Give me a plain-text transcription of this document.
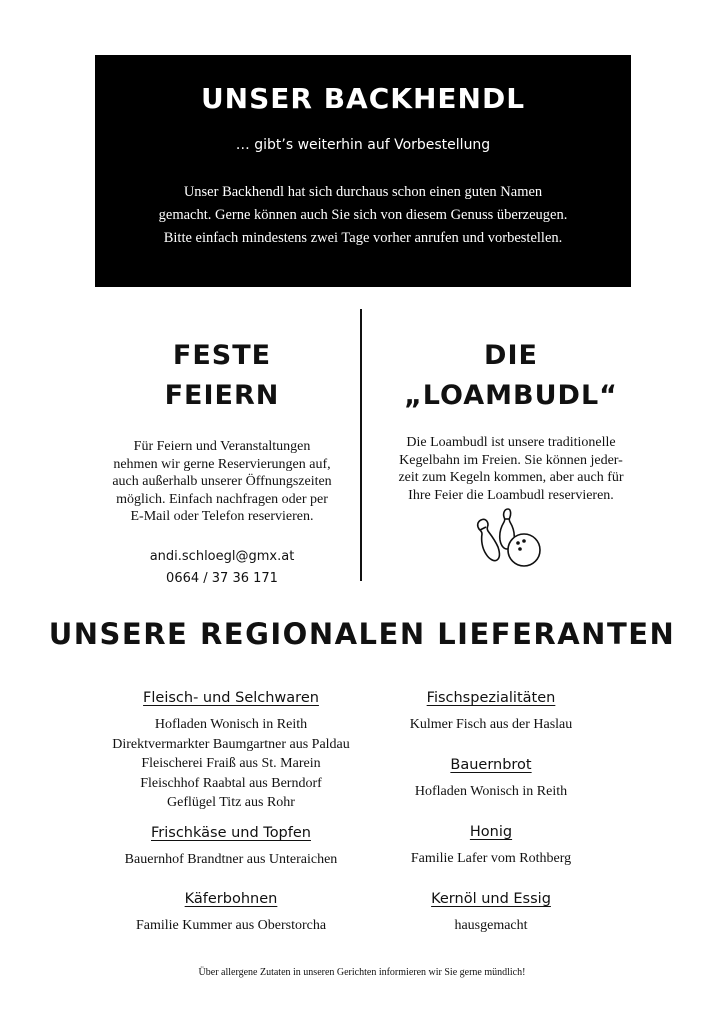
UNSER BACKHENDL
… gibt’s weiterhin auf Vorbestellung
Unser Backhendl hat sich durchaus schon einen guten Namen
gemacht. Gerne können auch Sie sich von diesem Genuss überzeugen.
Bitte einfach mindestens zwei Tage vorher anrufen und vorbestellen.
FESTE
FEIERN
Für Feiern und Veranstaltungen
nehmen wir gerne Reservierungen auf,
auch außerhalb unserer Öffnungszeiten
möglich. Einfach nachfragen oder per
E-Mail oder Telefon reservieren.
andi.schloegl@gmx.at
0664 / 37 36 171
DIE
„LOAMBUDL“
Die Loambudl ist unsere traditionelle
Kegelbahn im Freien. Sie können jeder-
zeit zum Kegeln kommen, aber auch für
Ihre Feier die Loambudl reservieren.
UNSERE REGIONALEN LIEFERANTEN
Fleisch- und Selchwaren
Hofladen Wonisch in Reith
Direktvermarkter Baumgartner aus Paldau
Fleischerei Fraiß aus St. Marein
Fleischhof Raabtal aus Berndorf
Geflügel Titz aus Rohr
Frischkäse und Topfen
Bauernhof Brandtner aus Unteraichen
Käferbohnen
Familie Kummer aus Oberstorcha
Fischspezialitäten
Kulmer Fisch aus der Haslau
Bauernbrot
Hofladen Wonisch in Reith
Honig
Familie Lafer vom Rothberg
Kernöl und Essig
hausgemacht
Über allergene Zutaten in unseren Gerichten informieren wir Sie gerne mündlich!
